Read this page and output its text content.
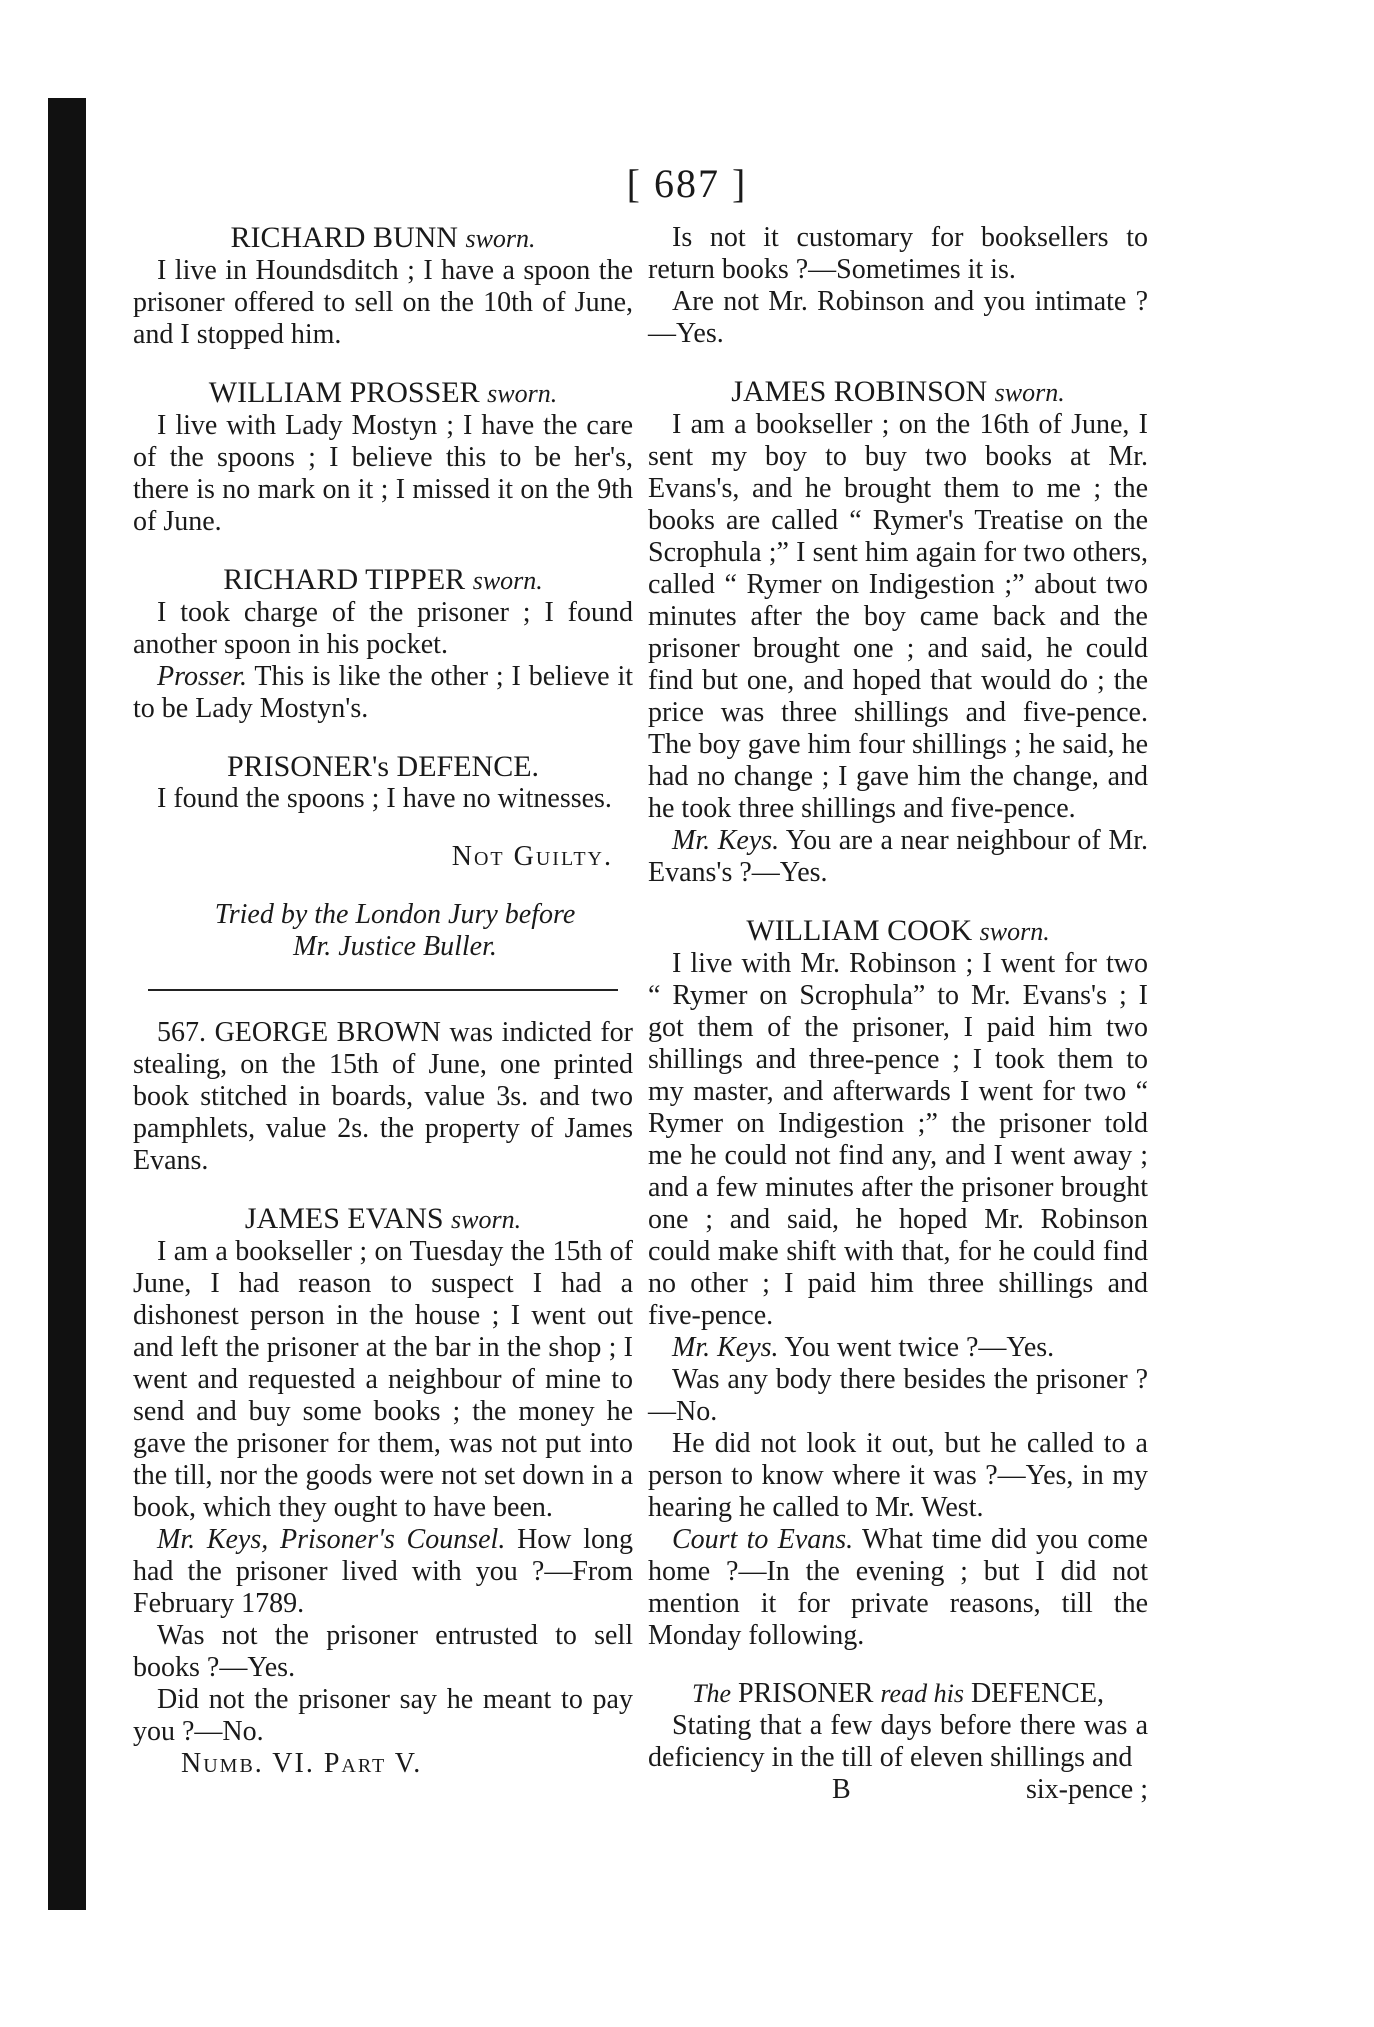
[ 687 ]
RICHARD BUNN sworn.

I live in Houndsditch ; I have a spoon the prisoner offered to sell on the 10th of June, and I stopped him.

WILLIAM PROSSER sworn.

I live with Lady Mostyn ; I have the care of the spoons ; I believe this to be her's, there is no mark on it ; I missed it on the 9th of June.

RICHARD TIPPER sworn.

I took charge of the prisoner ; I found another spoon in his pocket.

Prosser. This is like the other ; I believe it to be Lady Mostyn's.

PRISONER's DEFENCE.

I found the spoons ; I have no witnesses.

Not Guilty.

Tried by the London Jury before

Mr. Justice Buller.

567. GEORGE BROWN was indicted for stealing, on the 15th of June, one printed book stitched in boards, value 3s. and two pamphlets, value 2s. the property of James Evans.

JAMES EVANS sworn.

I am a bookseller ; on Tuesday the 15th of June, I had reason to suspect I had a dishonest person in the house ; I went out and left the prisoner at the bar in the shop ; I went and requested a neighbour of mine to send and buy some books ; the money he gave the prisoner for them, was not put into the till, nor the goods were not set down in a book, which they ought to have been.

Mr. Keys, Prisoner's Counsel. How long had the prisoner lived with you ?—From February 1789.

Was not the prisoner entrusted to sell books ?—Yes.

Did not the prisoner say he meant to pay you ?—No.

Numb. VI. Part V.

Is not it customary for booksellers to return books ?—Sometimes it is.

Are not Mr. Robinson and you intimate ?—Yes.

JAMES ROBINSON sworn.

I am a bookseller ; on the 16th of June, I sent my boy to buy two books at Mr. Evans's, and he brought them to me ; the books are called “ Rymer's Treatise on the Scrophula ;” I sent him again for two others, called “ Rymer on Indigestion ;” about two minutes after the boy came back and the prisoner brought one ; and said, he could find but one, and hoped that would do ; the price was three shillings and five-pence. The boy gave him four shillings ; he said, he had no change ; I gave him the change, and he took three shillings and five-pence.

Mr. Keys. You are a near neighbour of Mr. Evans's ?—Yes.

WILLIAM COOK sworn.

I live with Mr. Robinson ; I went for two “ Rymer on Scrophula” to Mr. Evans's ; I got them of the prisoner, I paid him two shillings and three-pence ; I took them to my master, and afterwards I went for two “ Rymer on Indigestion ;” the prisoner told me he could not find any, and I went away ; and a few minutes after the prisoner brought one ; and said, he hoped Mr. Robinson could make shift with that, for he could find no other ; I paid him three shillings and five-pence.

Mr. Keys. You went twice ?—Yes.

Was any body there besides the prisoner ?—No.

He did not look it out, but he called to a person to know where it was ?—Yes, in my hearing he called to Mr. West.

Court to Evans. What time did you come home ?—In the evening ; but I did not mention it for private reasons, till the Monday following.

The PRISONER read his DEFENCE,

Stating that a few days before there was a deficiency in the till of eleven shillings and

B	six-pence ;
